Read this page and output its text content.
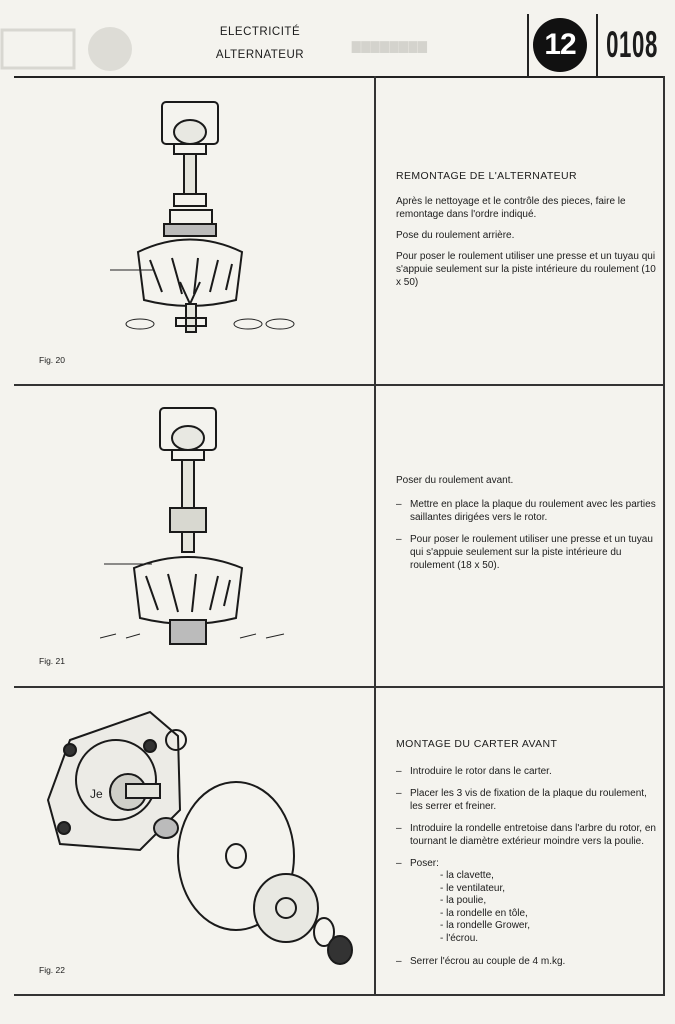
▇▇▇▇▇▇▇▇
ELECTRICITÉ
ALTERNATEUR	12 0108
Fig. 20
Fig. 21
Je
Fig. 22
REMONTAGE DE L'ALTERNATEUR

Après le nettoyage et le contrôle des pieces, faire le remontage dans l'ordre indiqué.

Pose du roulement arrière.

Pour poser le roulement utiliser une presse et un tuyau qui s'appuie seulement sur la piste intérieure du roulement (10 x 50)

Poser du roulement avant.

– Mettre en place la plaque du roulement avec les parties saillantes dirigées vers le rotor.
– Pour poser le roulement utiliser une presse et un tuyau qui s'appuie seulement sur la piste intérieure du roulement (18 x 50).
MONTAGE DU CARTER AVANT
– Introduire le rotor dans le carter.
– Placer les 3 vis de fixation de la plaque du roulement, les serrer et freiner.
– Introduire la rondelle entretoise dans l'arbre du rotor, en tournant le diamètre extérieur moindre vers la poulie.
– Poser:
- la clavette,
- le ventilateur,
- la poulie,
- la rondelle en tôle,
- la rondelle Grower,
- l'écrou.
– Serrer l'écrou au couple de 4 m.kg.
